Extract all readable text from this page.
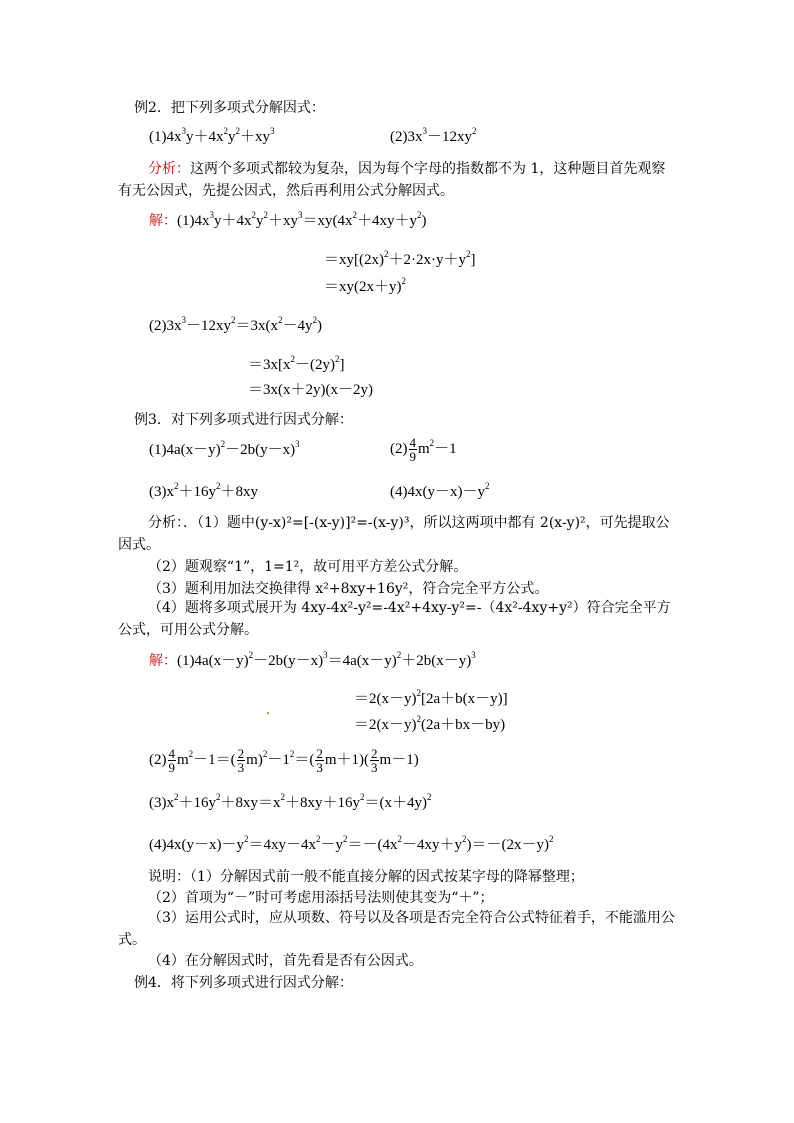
例2．把下列多项式分解因式：
$(1)4x^3y+4x^2y^2+xy^3$	$(2)3x^3-12xy^2$
分析：这两个多项式都较为复杂，因为每个字母的指数都不为 1，这种题目首先观察有无公因式，先提公因式，然后再利用公式分解因式。
解：$(1)4x^3y+4x^2y^2+xy^3=xy(4x^2+4xy+y^2)$
$=xy[(2x)^2+2\cdot 2x\cdot y+y^2]$
$=xy(2x+y)^2$
$(2)3x^3-12xy^2=3x(x^2-4y^2)$
$=3x[x^2-(2y)^2]$
＝3x(x＋2y)(x－2y)
例3．对下列多项式进行因式分解：
$(1)4a(x-y)^2-2b(y-x)^3$	$(2) \frac{4}{9} m^2-1$
$(3)x^2+16y^2+8xy$	$(4)4x(y-x)-y^2$
分析：．（1）题中(y-x)²=[-(x-y)]²=-(x-y)³，所以这两项中都有 2(x-y)²，可先提取公因式。
（2）题观察“1”，1=1²，故可用平方差公式分解。
（3）题利用加法交换律得 x²+8xy+16y²，符合完全平方公式。
（4）题将多项式展开为 4xy-4x²-y²=-4x²+4xy-y²=-（4x²-4xy+y²）符合完全平方公式，可用公式分解。
解：$(1)4a(x-y)^2-2b(y-x)^3=4a(x-y)^2+2b(x-y)^3$
$=2(x-y)^2[2a+b(x-y)]$
$=2(x-y)^2(2a+bx-by)$
$(2) \frac{4}{9} m^2-1=( \frac{2}{3} m)^2-1^2=( \frac{2}{3} m+1)( \frac{2}{3} m-1)$
$(3)x^2+16y^2+8xy=x^2+8xy+16y^2=(x+4y)^2$
$(4)4x(y-x)-y^2=4xy-4x^2-y^2=-(4x^2-4xy+y^2)=-(2x-y)^2$
说明：（1）分解因式前一般不能直接分解的因式按某字母的降幂整理；
（2）首项为“－”时可考虑用添括号法则使其变为“＋”；
（3）运用公式时，应从项数、符号以及各项是否完全符合公式特征着手，不能滥用公式。
（4）在分解因式时，首先看是否有公因式。
例4．将下列多项式进行因式分解：
